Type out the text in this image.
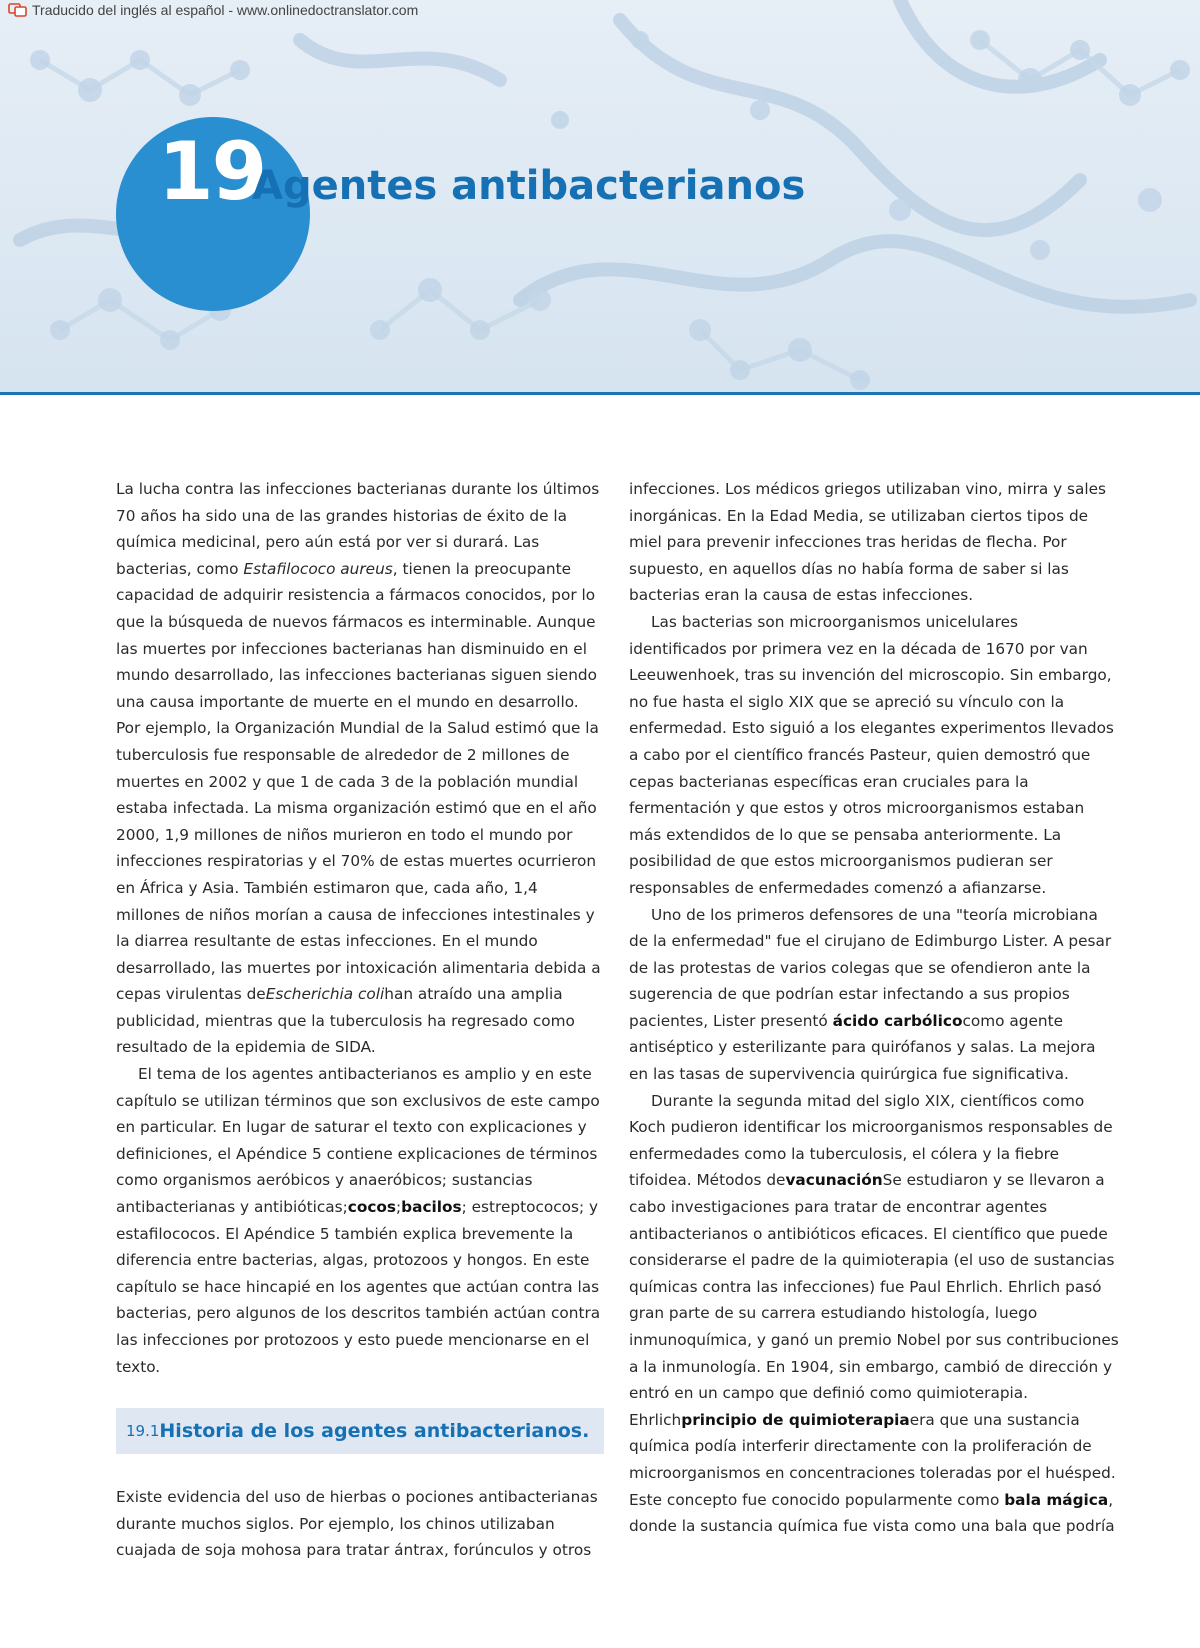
Traducido del inglés al español - www.onlinedoctranslator.com
19
Agentes antibacterianos

La lucha contra las infecciones bacterianas durante los últimos 70 años ha sido una de las grandes historias de éxito de la química medicinal, pero aún está por ver si durará. Las bacterias, como Estafilococo aureus, tienen la preocupante capacidad de adquirir resistencia a fármacos conocidos, por lo que la búsqueda de nuevos fármacos es interminable. Aunque las muertes por infecciones bacterianas han disminuido en el mundo desarrollado, las infecciones bacterianas siguen siendo una causa importante de muerte en el mundo en desarrollo. Por ejemplo, la Organización Mundial de la Salud estimó que la tuberculosis fue responsable de alrededor de 2 millones de muertes en 2002 y que 1 de cada 3 de la población mundial estaba infectada. La misma organización estimó que en el año 2000, 1,9 millones de niños murieron en todo el mundo por infecciones respiratorias y el 70% de estas muertes ocurrieron en África y Asia. También estimaron que, cada año, 1,4 millones de niños morían a causa de infecciones intestinales y la diarrea resultante de estas infecciones. En el mundo desarrollado, las muertes por intoxicación alimentaria debida a cepas virulentas deEscherichia colihan atraído una amplia publicidad, mientras que la tuberculosis ha regresado como resultado de la epidemia de SIDA.

El tema de los agentes antibacterianos es amplio y en este capítulo se utilizan términos que son exclusivos de este campo en particular. En lugar de saturar el texto con explicaciones y definiciones, el Apéndice 5 contiene explicaciones de términos como organismos aeróbicos y anaeróbicos; sustancias antibacterianas y antibióticas;cocos;bacilos; estreptococos; y estafilococos. El Apéndice 5 también explica brevemente la diferencia entre bacterias, algas, protozoos y hongos. En este capítulo se hace hincapié en los agentes que actúan contra las bacterias, pero algunos de los descritos también actúan contra las infecciones por protozoos y esto puede mencionarse en el texto.

19.1 Historia de los agentes antibacterianos.

Existe evidencia del uso de hierbas o pociones antibacterianas durante muchos siglos. Por ejemplo, los chinos utilizaban cuajada de soja mohosa para tratar ántrax, forúnculos y otros

infecciones. Los médicos griegos utilizaban vino, mirra y sales inorgánicas. En la Edad Media, se utilizaban ciertos tipos de miel para prevenir infecciones tras heridas de flecha. Por supuesto, en aquellos días no había forma de saber si las bacterias eran la causa de estas infecciones.

Las bacterias son microorganismos unicelulares identificados por primera vez en la década de 1670 por van Leeuwenhoek, tras su invención del microscopio. Sin embargo, no fue hasta el siglo XIX que se apreció su vínculo con la enfermedad. Esto siguió a los elegantes experimentos llevados a cabo por el científico francés Pasteur, quien demostró que cepas bacterianas específicas eran cruciales para la fermentación y que estos y otros microorganismos estaban más extendidos de lo que se pensaba anteriormente. La posibilidad de que estos microorganismos pudieran ser responsables de enfermedades comenzó a afianzarse.

Uno de los primeros defensores de una "teoría microbiana de la enfermedad" fue el cirujano de Edimburgo Lister. A pesar de las protestas de varios colegas que se ofendieron ante la sugerencia de que podrían estar infectando a sus propios pacientes, Lister presentó ácido carbólicocomo agente antiséptico y esterilizante para quirófanos y salas. La mejora en las tasas de supervivencia quirúrgica fue significativa.

Durante la segunda mitad del siglo XIX, científicos como Koch pudieron identificar los microorganismos responsables de enfermedades como la tuberculosis, el cólera y la fiebre tifoidea. Métodos devacunaciónSe estudiaron y se llevaron a cabo investigaciones para tratar de encontrar agentes antibacterianos o antibióticos eficaces. El científico que puede considerarse el padre de la quimioterapia (el uso de sustancias químicas contra las infecciones) fue Paul Ehrlich. Ehrlich pasó gran parte de su carrera estudiando histología, luego inmunoquímica, y ganó un premio Nobel por sus contribuciones a la inmunología. En 1904, sin embargo, cambió de dirección y entró en un campo que definió como quimioterapia. Ehrlichprincipio de quimioterapiaera que una sustancia química podía interferir directamente con la proliferación de microorganismos en concentraciones toleradas por el huésped. Este concepto fue conocido popularmente como bala mágica, donde la sustancia química fue vista como una bala que podría
